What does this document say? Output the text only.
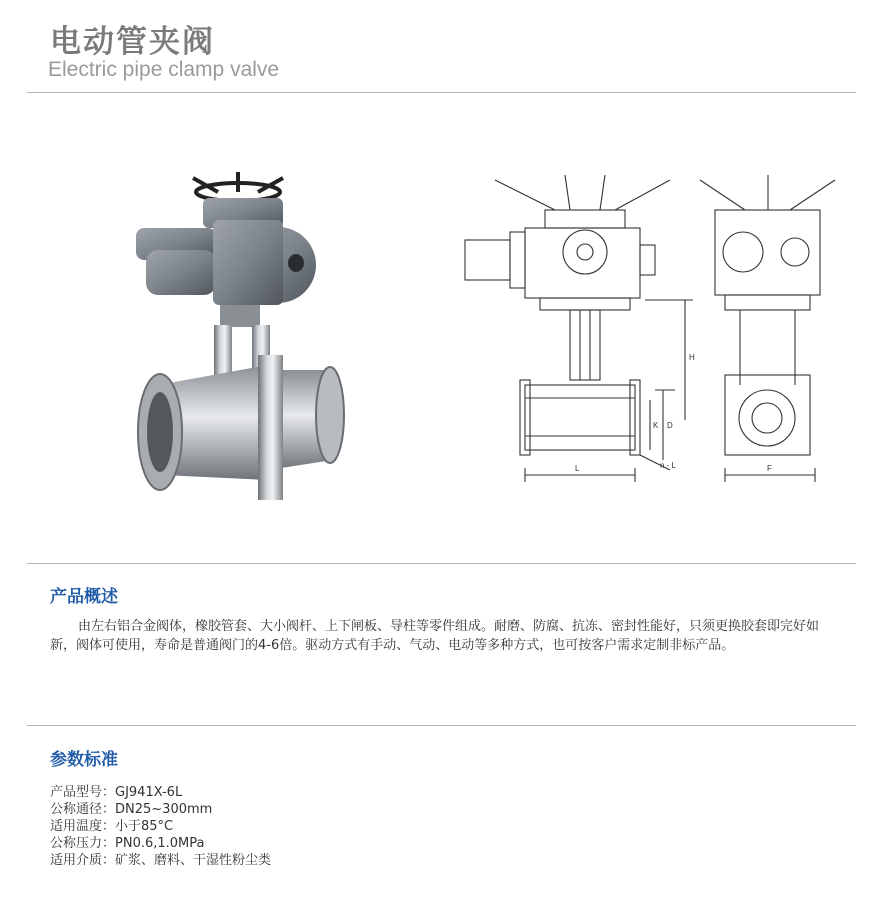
电动管夹阀
Electric pipe clamp valve
L
H
D
K
n - L	F
产品概述
由左右铝合金阀体，橡胶管套、大小阀杆、上下闸板、导柱等零件组成。耐磨、防腐、抗冻、密封性能好，只须更换胶套即完好如新，阀体可使用，寿命是普通阀门的4-6倍。驱动方式有手动、气动、电动等多种方式，也可按客户需求定制非标产品。
参数标准
产品型号：GJ941X-6L
公称通径：DN25~300mm
适用温度：小于85°C
公称压力：PN0.6,1.0MPa
适用介质：矿浆、磨料、干湿性粉尘类
